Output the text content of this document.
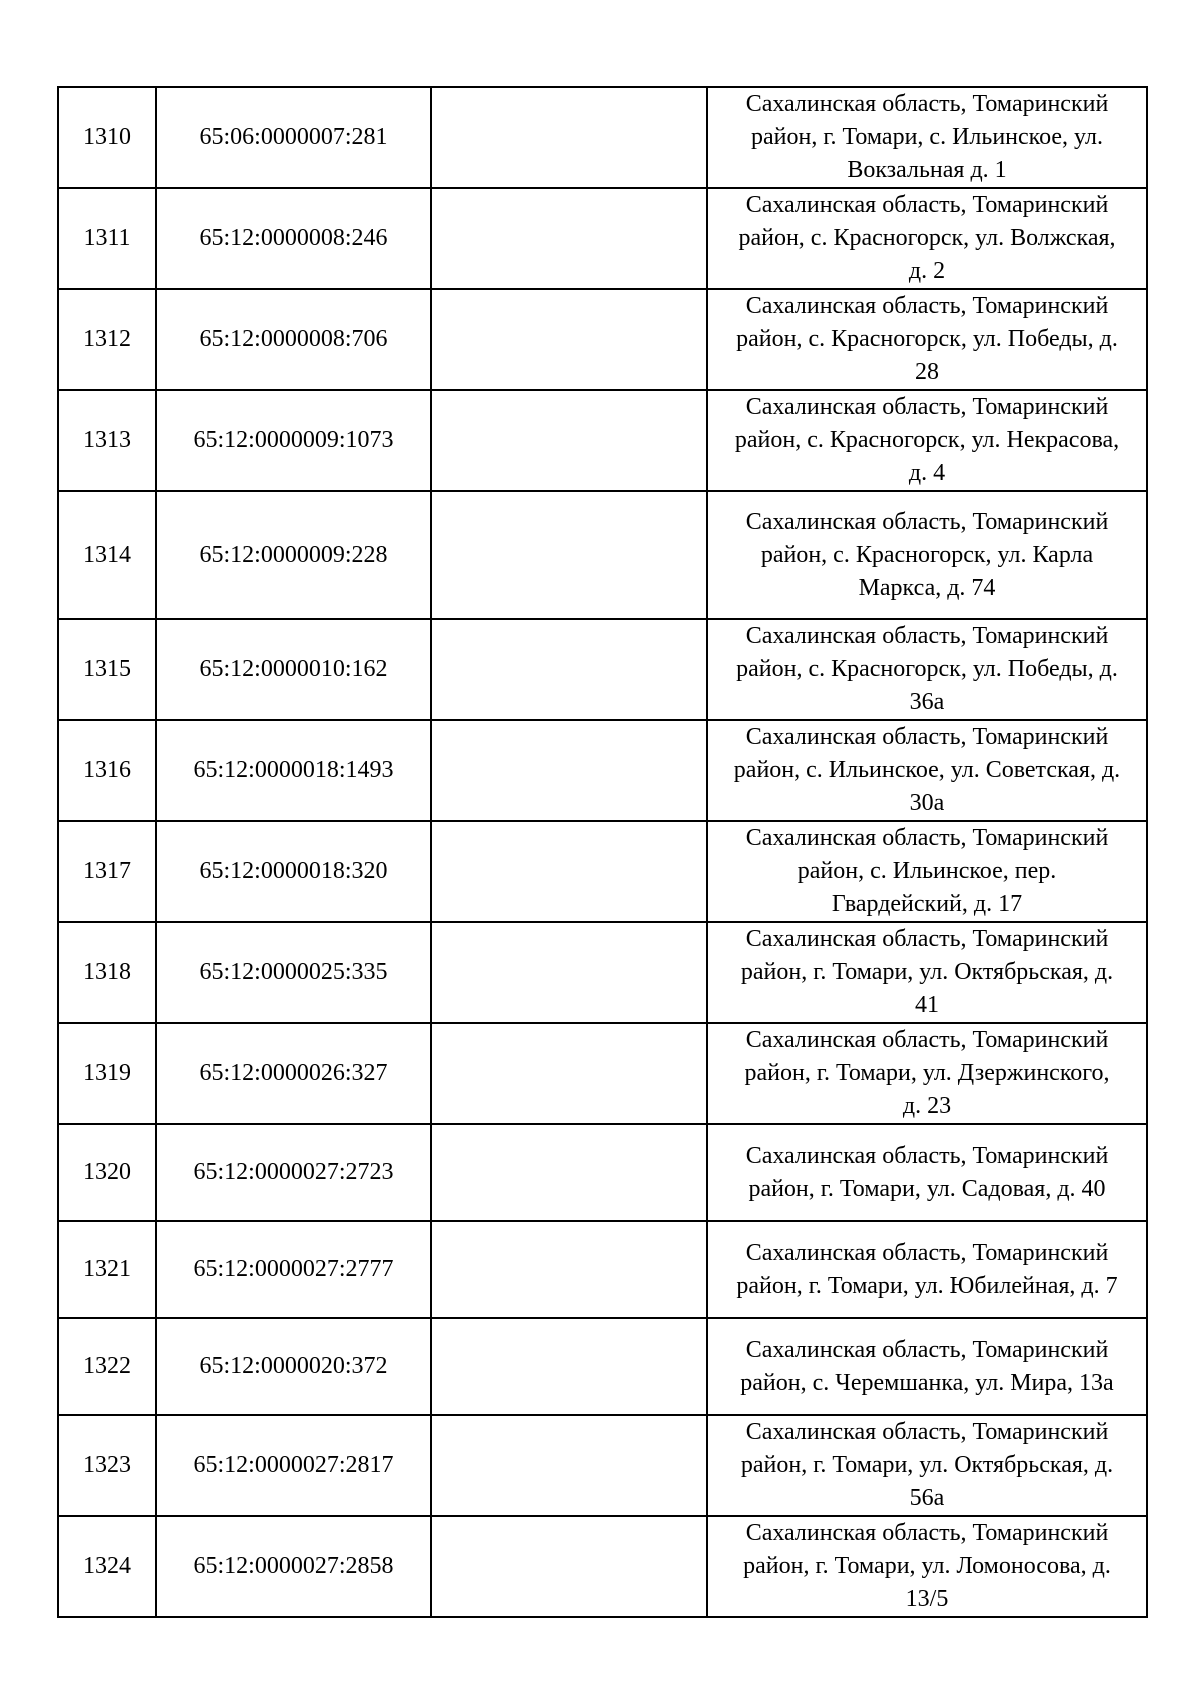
1310	65:06:0000007:281		Сахалинская область, Томаринский
район, г. Томари, с. Ильинское, ул.
Вокзальная д. 1
1311	65:12:0000008:246		Сахалинская область, Томаринский
район, с. Красногорск, ул. Волжская,
д. 2
1312	65:12:0000008:706		Сахалинская область, Томаринский
район, с. Красногорск, ул. Победы, д.
28
1313	65:12:0000009:1073		Сахалинская область, Томаринский
район, с. Красногорск, ул. Некрасова,
д. 4
1314	65:12:0000009:228		Сахалинская область, Томаринский
район, с. Красногорск, ул. Карла
Маркса, д. 74
1315	65:12:0000010:162		Сахалинская область, Томаринский
район, с. Красногорск, ул. Победы, д.
36а
1316	65:12:0000018:1493		Сахалинская область, Томаринский
район, с. Ильинское, ул. Советская, д.
30а
1317	65:12:0000018:320		Сахалинская область, Томаринский
район, с. Ильинское, пер.
Гвардейский, д. 17
1318	65:12:0000025:335		Сахалинская область, Томаринский
район, г. Томари, ул. Октябрьская, д.
41
1319	65:12:0000026:327		Сахалинская область, Томаринский
район, г. Томари, ул. Дзержинского,
д. 23
1320	65:12:0000027:2723		Сахалинская область, Томаринский
район, г. Томари, ул. Садовая, д. 40
1321	65:12:0000027:2777		Сахалинская область, Томаринский
район, г. Томари, ул. Юбилейная, д. 7
1322	65:12:0000020:372		Сахалинская область, Томаринский
район, с. Черемшанка, ул. Мира, 13а
1323	65:12:0000027:2817		Сахалинская область, Томаринский
район, г. Томари, ул. Октябрьская, д.
56а
1324	65:12:0000027:2858		Сахалинская область, Томаринский
район, г. Томари, ул. Ломоносова, д.
13/5
